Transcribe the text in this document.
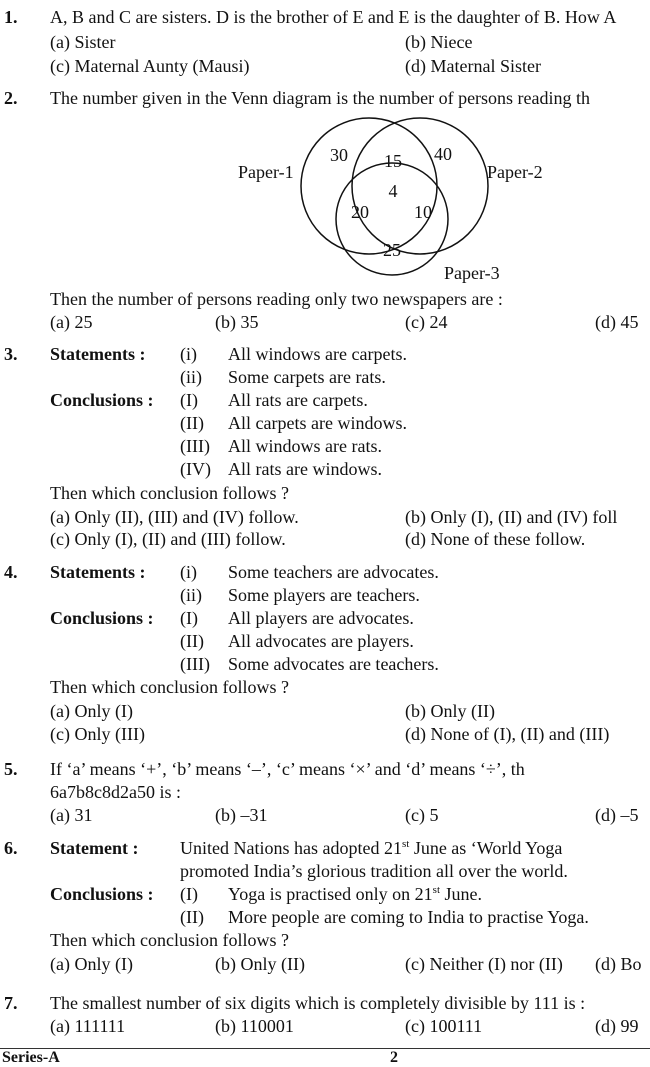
1. A, B and C are sisters. D is the brother of E and E is the daughter of B. How A
(a) Sister	(b) Niece
(c) Maternal Aunty (Mausi)	(d) Maternal Sister
2. The number given in the Venn diagram is the number of persons reading th
Paper-1	Paper-2
Paper-3
30	40
25
15
20	10
4
Then the number of persons reading only two newspapers are :
(a) 25	(b) 35	(c) 24	(d) 45
3. Statements : (i) All windows are carpets.
(ii) Some carpets are rats.
Conclusions : (I) All rats are carpets.
(II) All carpets are windows.
(III) All windows are rats.
(IV) All rats are windows.
Then which conclusion follows ?
(a) Only (II), (III) and (IV) follow.	(b) Only (I), (II) and (IV) foll
(c) Only (I), (II) and (III) follow.	(d) None of these follow.
4. Statements : (i) Some teachers are advocates.
(ii) Some players are teachers.
Conclusions : (I) All players are advocates.
(II) All advocates are players.
(III) Some advocates are teachers.
Then which conclusion follows ?
(a) Only (I)	(b) Only (II)
(c) Only (III)	(d) None of (I), (II) and (III)
5. If ‘a’ means ‘+’, ‘b’ means ‘–’, ‘c’ means ‘×’ and ‘d’ means ‘÷’, th
6a7b8c8d2a50 is :
(a) 31	(b) –31	(c) 5	(d) –5
6. Statement : United Nations has adopted 21st June as ‘World Yoga
promoted India’s glorious tradition all over the world.
Conclusions : (I) Yoga is practised only on 21st June.
(II) More people are coming to India to practise Yoga.
Then which conclusion follows ?
(a) Only (I)	(b) Only (II)	(c) Neither (I) nor (II) (d) Bo
7. The smallest number of six digits which is completely divisible by 111 is :
(a) 111111	(b) 110001	(c) 100111	(d) 99
Series-A	2
